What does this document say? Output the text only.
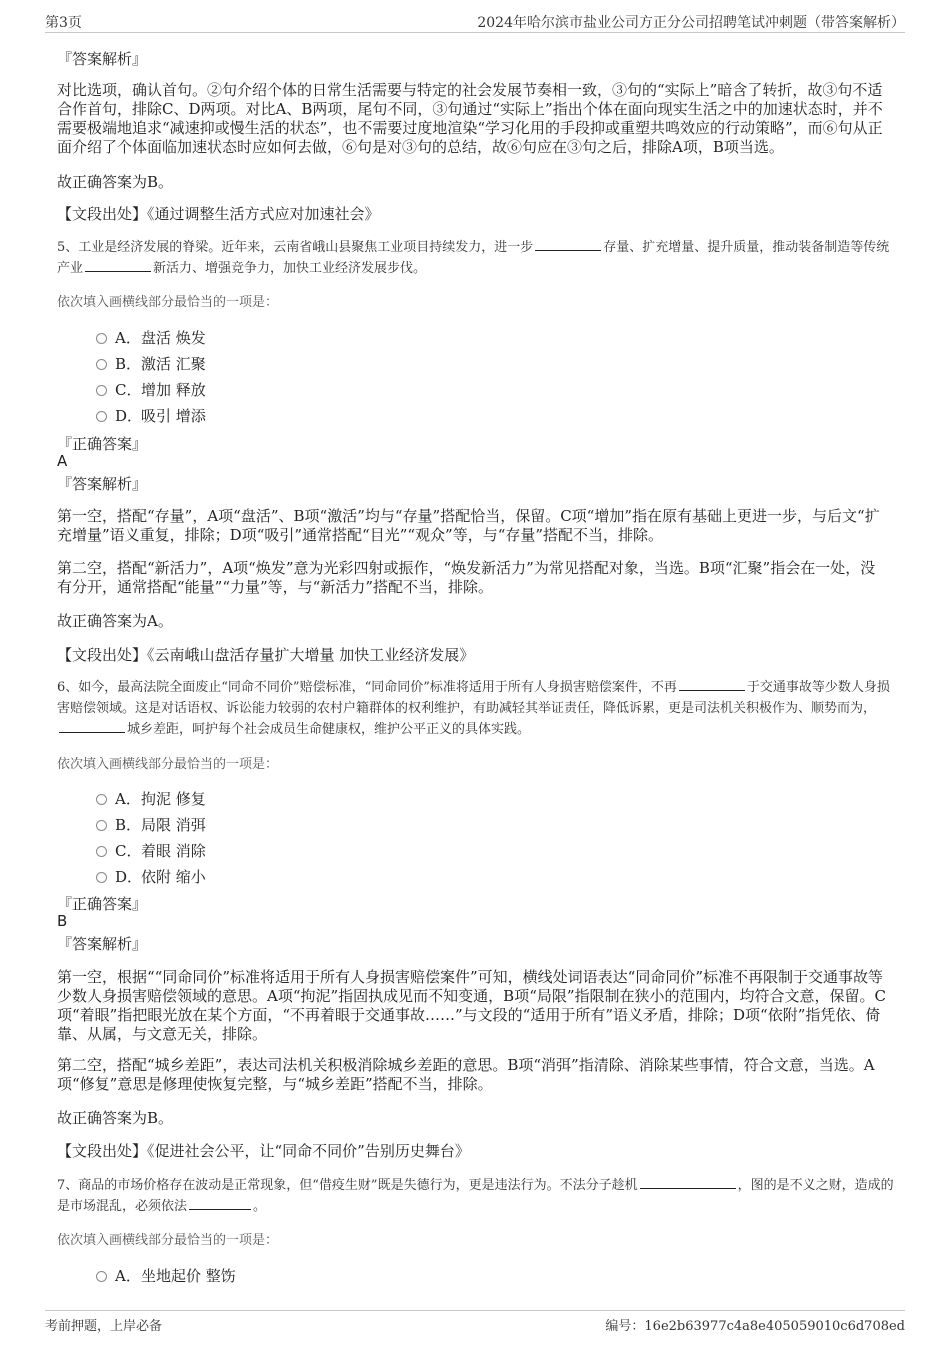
第3页	2024年哈尔滨市盐业公司方正分公司招聘笔试冲刺题（带答案解析）
『答案解析』
对比选项，确认首句。②句介绍个体的日常生活需要与特定的社会发展节奏相一致，③句的“实际上”暗含了转折，故③句不适合作首句，排除C、D两项。对比A、B两项，尾句不同，③句通过“实际上”指出个体在面向现实生活之中的加速状态时，并不需要极端地追求“减速抑或慢生活的状态”，也不需要过度地渲染“学习化用的手段抑或重塑共鸣效应的行动策略”，而⑥句从正面介绍了个体面临加速状态时应如何去做，⑥句是对③句的总结，故⑥句应在③句之后，排除A项，B项当选。
故正确答案为B。
【文段出处】《通过调整生活方式应对加速社会》
5、工业是经济发展的脊梁。近年来，云南省峨山县聚焦工业项目持续发力，进一步	存量、扩充增量、提升质量，推动装备制造等传统产业	新活力、增强竞争力，加快工业经济发展步伐。
依次填入画横线部分最恰当的一项是：
A．盘活 焕发
B．激活 汇聚
C．增加 释放
D．吸引 增添
『正确答案』
A
『答案解析』
第一空，搭配“存量”，A项“盘活”、B项“激活”均与“存量”搭配恰当，保留。C项“增加”指在原有基础上更进一步，与后文“扩充增量”语义重复，排除；D项“吸引”通常搭配“目光”“观众”等，与“存量”搭配不当，排除。
第二空，搭配“新活力”，A项“焕发”意为光彩四射或振作，“焕发新活力”为常见搭配对象，当选。B项“汇聚”指会在一处，没有分开，通常搭配“能量”“力量”等，与“新活力”搭配不当，排除。
故正确答案为A。
【文段出处】《云南峨山盘活存量扩大增量 加快工业经济发展》
6、如今，最高法院全面废止“同命不同价”赔偿标准，“同命同价”标准将适用于所有人身损害赔偿案件，不再	于交通事故等少数人身损害赔偿领域。这是对话语权、诉讼能力较弱的农村户籍群体的权利维护，有助减轻其举证责任，降低诉累，更是司法机关积极作为、顺势而为，城乡差距，呵护每个社会成员生命健康权，维护公平正义的具体实践。
依次填入画横线部分最恰当的一项是：
A．拘泥 修复
B．局限 消弭
C．着眼 消除
D．依附 缩小
『正确答案』
B
『答案解析』
第一空，根据““同命同价”标准将适用于所有人身损害赔偿案件”可知，横线处词语表达“同命同价”标准不再限制于交通事故等少数人身损害赔偿领域的意思。A项“拘泥”指固执成见而不知变通，B项“局限”指限制在狭小的范围内，均符合文意，保留。C项“着眼”指把眼光放在某个方面，“不再着眼于交通事故……”与文段的“适用于所有”语义矛盾，排除；D项“依附”指凭依、倚靠、从属，与文意无关，排除。
第二空，搭配“城乡差距”，表达司法机关积极消除城乡差距的意思。B项“消弭”指清除、消除某些事情，符合文意，当选。A项“修复”意思是修理使恢复完整，与“城乡差距”搭配不当，排除。
故正确答案为B。
【文段出处】《促进社会公平，让“同命不同价”告别历史舞台》
7、商品的市场价格存在波动是正常现象，但“借疫生财”既是失德行为，更是违法行为。不法分子趁机	，图的是不义之财，造成的是市场混乱，必须依法	。
依次填入画横线部分最恰当的一项是：
A．坐地起价 整饬
考前押题，上岸必备	编号：16e2b63977c4a8e405059010c6d708ed
